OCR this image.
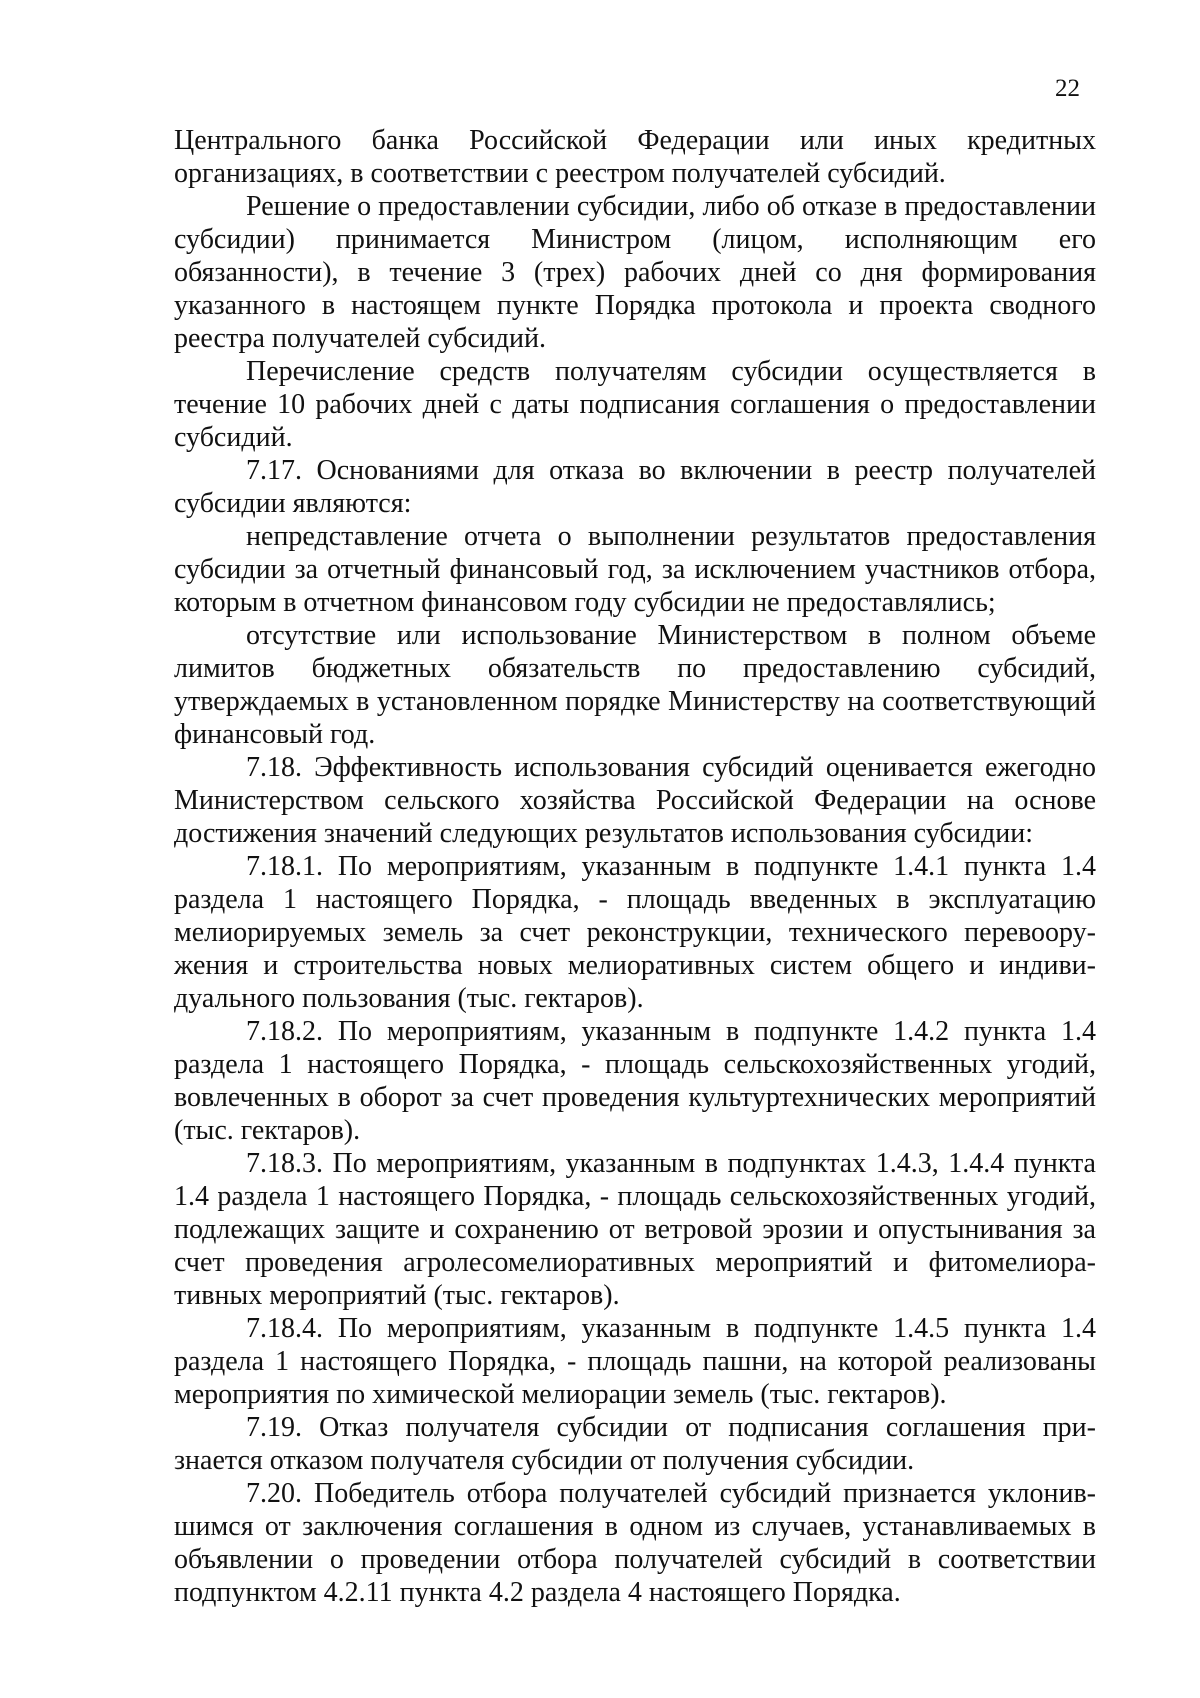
22

Центрального банка Российской Федерации или иных кредитных организациях, в соответствии с реестром получателей субсидий.

Решение о предоставлении субсидии, либо об отказе в предоставлении субсидии) принимается Министром (лицом, исполняющим его обязанности), в течение 3 (трех) рабочих дней со дня формирования указанного в настоящем пункте Порядка протокола и проекта сводного реестра получателей субсидий.

Перечисление средств получателям субсидии осуществляется в течение 10 рабочих дней с даты подписания соглашения о предоставлении субсидий.

7.17. Основаниями для отказа во включении в реестр получателей субсидии являются:

непредставление отчета о выполнении результатов предоставления субсидии за отчетный финансовый год, за исключением участников отбора, которым в отчетном финансовом году субсидии не предоставлялись;

отсутствие или использование Министерством в полном объеме лимитов бюджетных обязательств по предоставлению субсидий, утверждаемых в установленном порядке Министерству на соответствующий финансовый год.

7.18. Эффективность использования субсидий оценивается ежегодно Министерством сельского хозяйства Российской Федерации на основе достижения значений следующих результатов использования субсидии:

7.18.1. По мероприятиям, указанным в подпункте 1.4.1 пункта 1.4 раздела 1 настоящего Порядка, - площадь введенных в эксплуатацию мелиорируемых земель за счет реконструкции, технического перевооружения и строительства новых мелиоративных систем общего и индивидуального пользования (тыс. гектаров).

7.18.2. По мероприятиям, указанным в подпункте 1.4.2 пункта 1.4 раздела 1 настоящего Порядка, - площадь сельскохозяйственных угодий, вовлеченных в оборот за счет проведения культуртехнических мероприятий (тыс. гектаров).

7.18.3. По мероприятиям, указанным в подпунктах 1.4.3, 1.4.4 пункта 1.4 раздела 1 настоящего Порядка, - площадь сельскохозяйственных угодий, подлежащих защите и сохранению от ветровой эрозии и опустынивания за счет проведения агролесомелиоративных мероприятий и фитомелиоративных мероприятий (тыс. гектаров).

7.18.4. По мероприятиям, указанным в подпункте 1.4.5 пункта 1.4 раздела 1 настоящего Порядка, - площадь пашни, на которой реализованы мероприятия по химической мелиорации земель (тыс. гектаров).

7.19. Отказ получателя субсидии от подписания соглашения признается отказом получателя субсидии от получения субсидии.

7.20. Победитель отбора получателей субсидий признается уклонившимся от заключения соглашения в одном из случаев, устанавливаемых в объявлении о проведении отбора получателей субсидий в соответствии подпунктом 4.2.11 пункта 4.2 раздела 4 настоящего Порядка.
